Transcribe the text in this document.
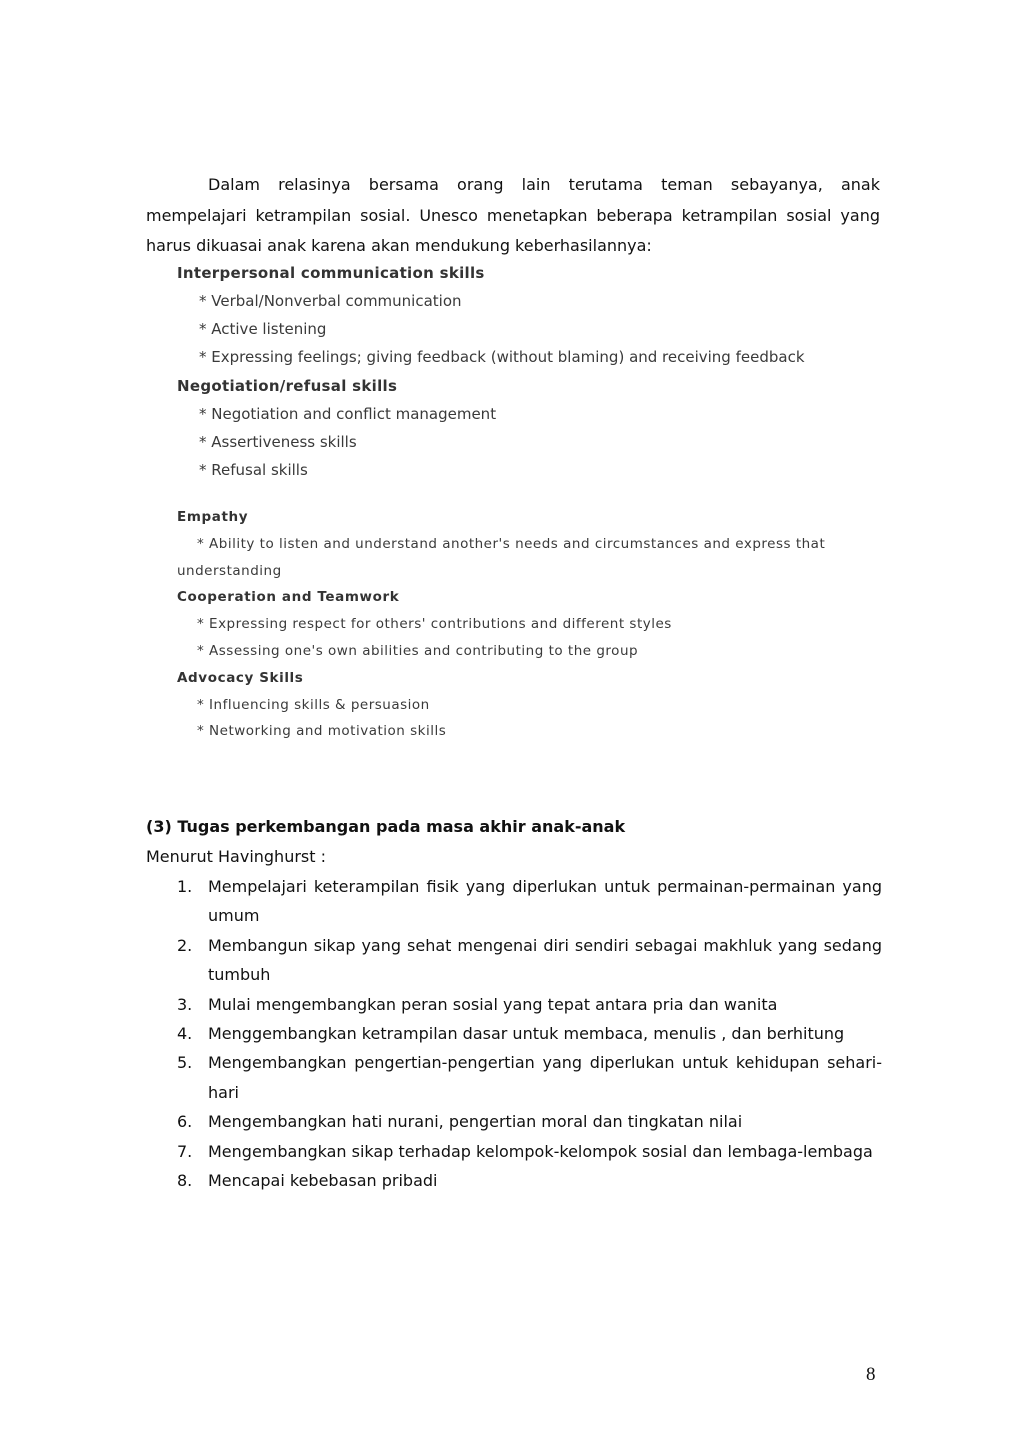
Dalam relasinya bersama orang lain terutama teman sebayanya, anak mempelajari ketrampilan sosial. Unesco menetapkan beberapa ketrampilan sosial yang harus dikuasai anak karena akan mendukung keberhasilannya:

Interpersonal communication skills
* Verbal/Nonverbal communication
* Active listening
* Expressing feelings; giving feedback (without blaming) and receiving feedback
Negotiation/refusal skills
* Negotiation and conflict management
* Assertiveness skills
* Refusal skills
Empathy
* Ability to listen and understand another's needs and circumstances and express that
understanding
Cooperation and Teamwork
* Expressing respect for others' contributions and different styles
* Assessing one's own abilities and contributing to the group
Advocacy Skills
* Influencing skills & persuasion
* Networking and motivation skills
(3) Tugas perkembangan pada masa akhir anak-anak
Menurut Havinghurst :
1. Mempelajari keterampilan fisik yang diperlukan untuk permainan-permainan yang umum
2. Membangun sikap yang sehat mengenai diri sendiri sebagai makhluk yang sedang tumbuh
3. Mulai mengembangkan peran sosial yang tepat antara pria dan wanita
4. Menggembangkan ketrampilan dasar untuk membaca, menulis , dan berhitung
5. Mengembangkan pengertian-pengertian yang diperlukan untuk kehidupan sehari-hari
6. Mengembangkan hati nurani, pengertian moral dan tingkatan nilai
7. Mengembangkan sikap terhadap kelompok-kelompok sosial dan lembaga-lembaga
8. Mencapai kebebasan pribadi
8
